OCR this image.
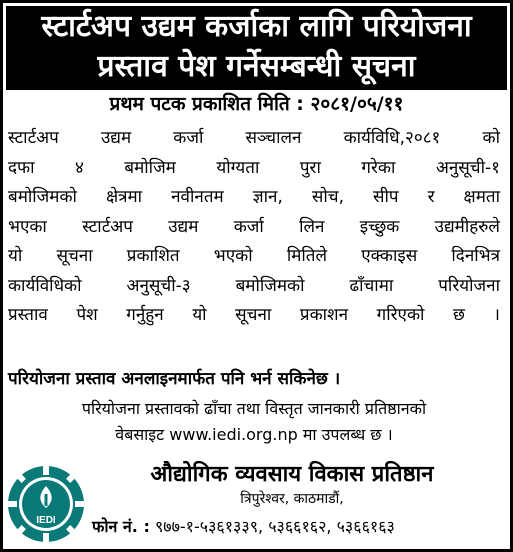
स्टार्टअप उद्यम कर्जाका लागि परियोजना
प्रस्ताव पेश गर्नेसम्बन्धी सूचना
प्रथम पटक प्रकाशित मिति : २०८१/०५/११
स्टार्टअप उद्यम कर्जा सञ्चालन कार्यविधि,२०८१ को
दफा ४ बमोजिम योग्यता पुरा गरेका अनुसूची-१
बमोजिमको क्षेत्रमा नवीनतम ज्ञान, सोच, सीप र क्षमता
भएका स्टार्टअप उद्यम कर्जा लिन इच्छुक उद्यमीहरुले
यो सूचना प्रकाशित भएको मितिले एक्काइस दिनभित्र
कार्यविधिको	अनुसूची-३	बमोजिमको	ढाँचामा	परियोजना
प्रस्ताव पेश गर्नुहुन यो सूचना प्रकाशन गरिएको छ ।
परियोजना प्रस्ताव अनलाइनमार्फत पनि भर्न सकिनेछ ।
परियोजना प्रस्तावको ढाँचा तथा विस्तृत जानकारी प्रतिष्ठानको
वेबसाइट www.iedi.org.np मा उपलब्ध छ ।
IEDI
औद्योगिक व्यवसाय विकास प्रतिष्ठान
त्रिपुरेश्वर, काठमाडौं,
फोन नं. : ९७७-१-५३६१३३९, ५३६६१६२, ५३६६१६३
